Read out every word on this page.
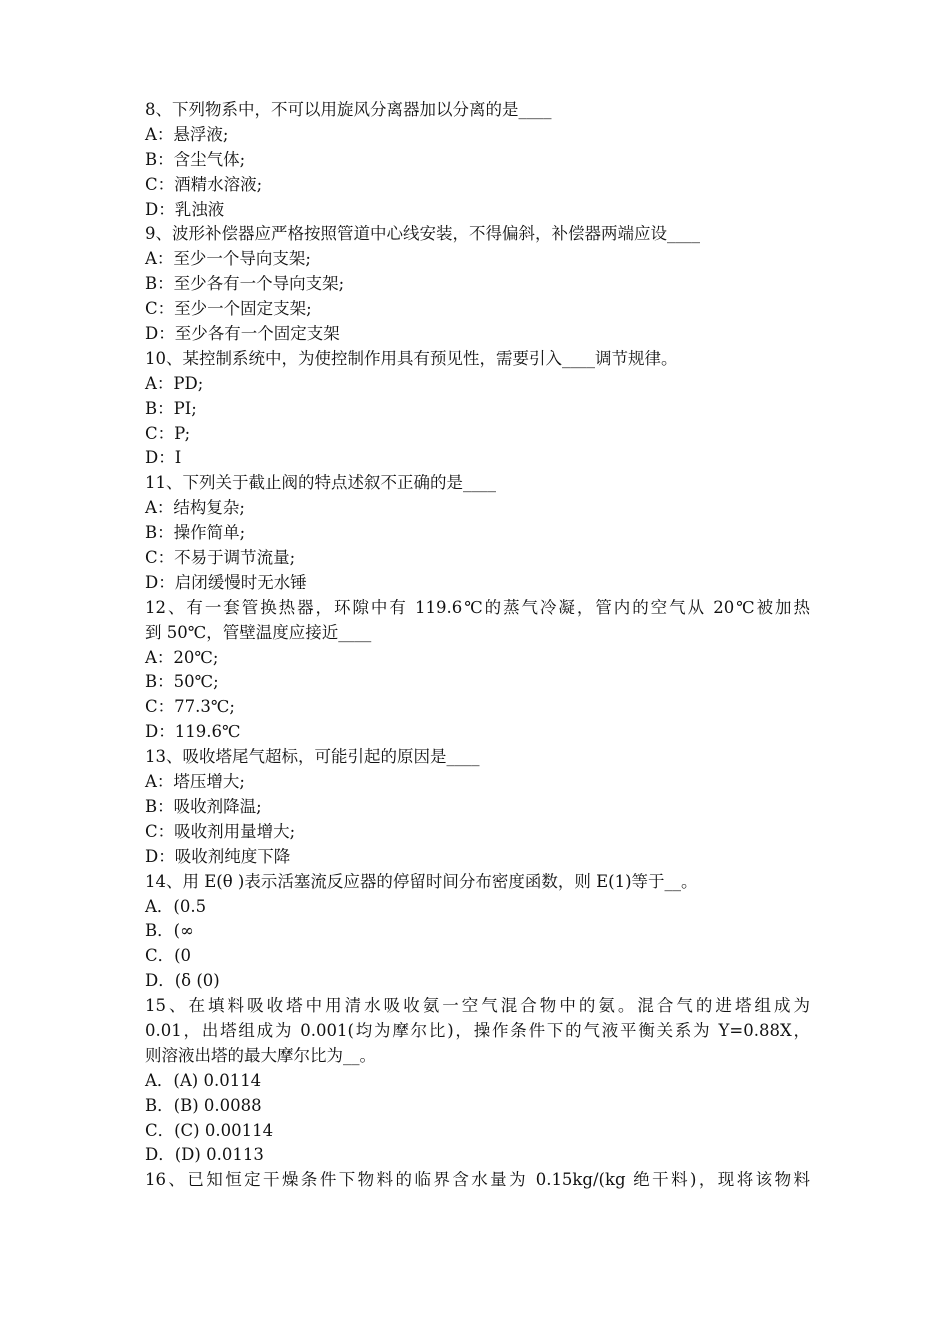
8、下列物系中，不可以用旋风分离器加以分离的是____
A：悬浮液;
B：含尘气体;
C：酒精水溶液;
D：乳浊液
9、波形补偿器应严格按照管道中心线安装，不得偏斜，补偿器两端应设____
A：至少一个导向支架;
B：至少各有一个导向支架;
C：至少一个固定支架;
D：至少各有一个固定支架
10、某控制系统中，为使控制作用具有预见性，需要引入____调节规律。
A：PD;
B：PI;
C：P;
D：I
11、下列关于截止阀的特点述叙不正确的是____
A：结构复杂;
B：操作简单;
C：不易于调节流量;
D：启闭缓慢时无水锤
12、有一套管换热器，环隙中有 119.6℃的蒸气冷凝，管内的空气从 20℃被加热
到 50℃，管壁温度应接近____
A：20℃;
B：50℃;
C：77.3℃;
D：119.6℃
13、吸收塔尾气超标，可能引起的原因是____
A：塔压增大;
B：吸收剂降温;
C：吸收剂用量增大;
D：吸收剂纯度下降
14、用 E(θ )表示活塞流反应器的停留时间分布密度函数，则 E(1)等于__。
A．(0.5
B．(∞
C．(0
D．(δ (0)
15、在填料吸收塔中用清水吸收氨一空气混合物中的氨。混合气的进塔组成为
0.01，出塔组成为 0.001(均为摩尔比)，操作条件下的气液平衡关系为 Y=0.88X，
则溶液出塔的最大摩尔比为__。
A．(A) 0.0114
B．(B) 0.0088
C．(C) 0.00114
D．(D) 0.0113
16、已知恒定干燥条件下物料的临界含水量为 0.15kg/(kg 绝干料)，现将该物料
